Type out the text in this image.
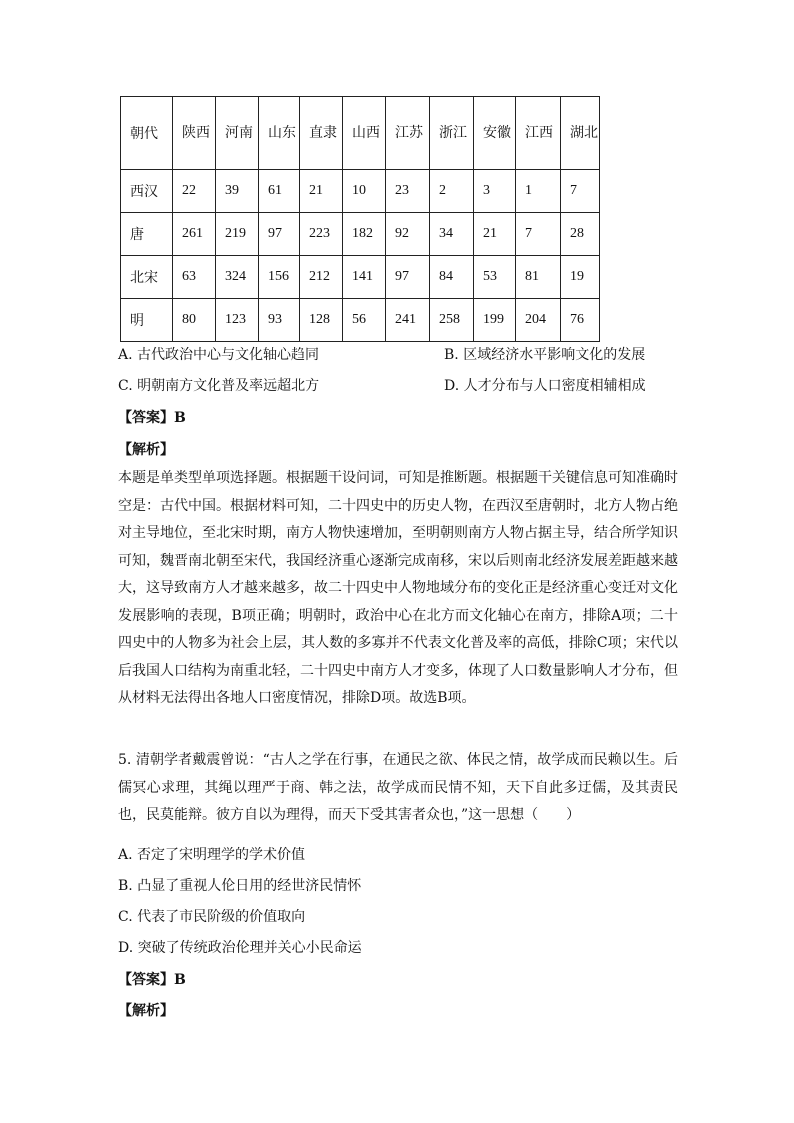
朝代	陕西	河南	山东	直隶	山西	江苏	浙江	安徽	江西	湖北

西汉	22	39	61	21	10	23	2	3	1	7
唐	261	219	97	223	182	92	34	21	7	28
北宋	63	324	156	212	141	97	84	53	81	19
明	80	123	93	128	56	241	258	199	204	76
A. 古代政治中心与文化轴心趋同	B. 区域经济水平影响文化的发展
C. 明朝南方文化普及率远超北方	D. 人才分布与人口密度相辅相成
【答案】B
【解析】
本题是单类型单项选择题。根据题干设问词，可知是推断题。根据题干关键信息可知准确时空是：古代中国。根据材料可知，二十四史中的历史人物，在西汉至唐朝时，北方人物占绝对主导地位，至北宋时期，南方人物快速增加，至明朝则南方人物占据主导，结合所学知识可知，魏晋南北朝至宋代，我国经济重心逐渐完成南移，宋以后则南北经济发展差距越来越大，这导致南方人才越来越多，故二十四史中人物地域分布的变化正是经济重心变迁对文化发展影响的表现，B项正确；明朝时，政治中心在北方而文化轴心在南方，排除A项；二十四史中的人物多为社会上层，其人数的多寡并不代表文化普及率的高低，排除C项；宋代以后我国人口结构为南重北轻，二十四史中南方人才变多，体现了人口数量影响人才分布，但从材料无法得出各地人口密度情况，排除D项。故选B项。
5. 清朝学者戴震曾说：“古人之学在行事，在通民之欲、体民之情，故学成而民赖以生。后儒冥心求理，其绳以理严于商、韩之法，故学成而民情不知，天下自此多迂儒，及其责民也，民莫能辩。彼方自以为理得，而天下受其害者众也，”这一思想（　　）
A. 否定了宋明理学的学术价值
B. 凸显了重视人伦日用的经世济民情怀
C. 代表了市民阶级的价值取向
D. 突破了传统政治伦理并关心小民命运
【答案】B
【解析】
